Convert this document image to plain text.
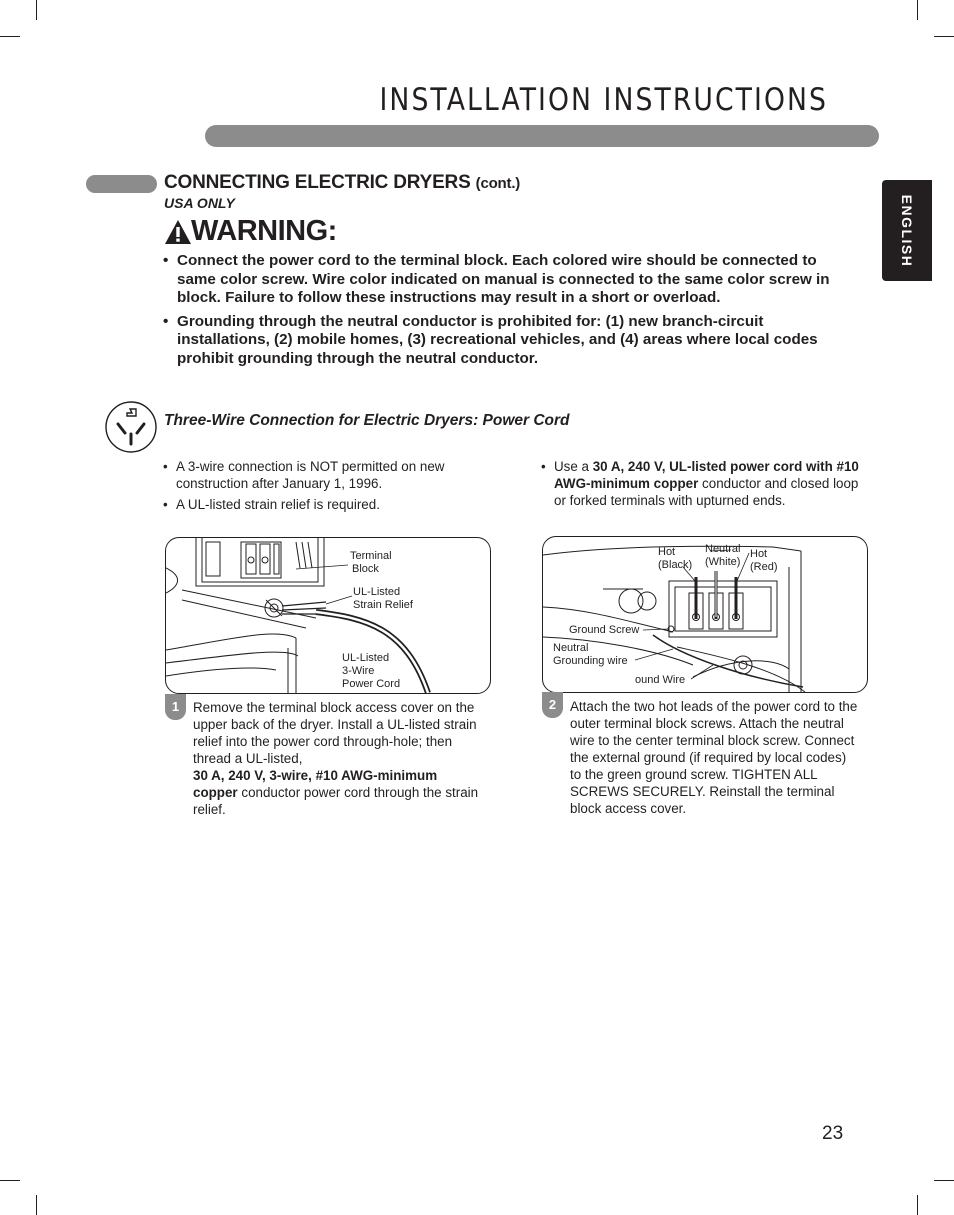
INSTALLATION INSTRUCTIONS
ENGLISH
CONNECTING ELECTRIC DRYERS (cont.)
USA ONLY
WARNING:
• Connect the power cord to the terminal block. Each colored wire should be connected to same color screw. Wire color indicated on manual is connected to the same color screw in block. Failure to follow these instructions may result in a short or overload.
• Grounding through the neutral conductor is prohibited for: (1) new branch-circuit installations, (2) mobile homes, (3) recreational vehicles, and (4) areas where local codes prohibit grounding through the neutral conductor.
Three-Wire Connection for Electric Dryers: Power Cord
• A 3-wire connection is NOT permitted on new construction after January 1, 1996.
• A UL-listed strain relief is required.
• Use a 30 A, 240 V, UL-listed power cord with #10 AWG-minimum copper conductor and closed loop or forked terminals with upturned ends.
Terminal
Block
UL-Listed
Strain Relief
UL-Listed
3-Wire
Power Cord
Hot
(Black)
Neutral
(White)
Hot
(Red)
Ground Screw
Neutral
Grounding wire
ound Wire
1	Remove the terminal block access cover on the upper back of the dryer. Install a UL-listed strain relief into the power cord through-hole; then thread a UL-listed,
30 A, 240 V, 3-wire, #10 AWG-minimum copper conductor power cord through the strain relief.
2	Attach the two hot leads of the power cord to the outer terminal block screws. Attach the neutral wire to the center terminal block screw. Connect the external ground (if required by local codes) to the green ground screw. TIGHTEN ALL SCREWS SECURELY. Reinstall the terminal block access cover.
23
